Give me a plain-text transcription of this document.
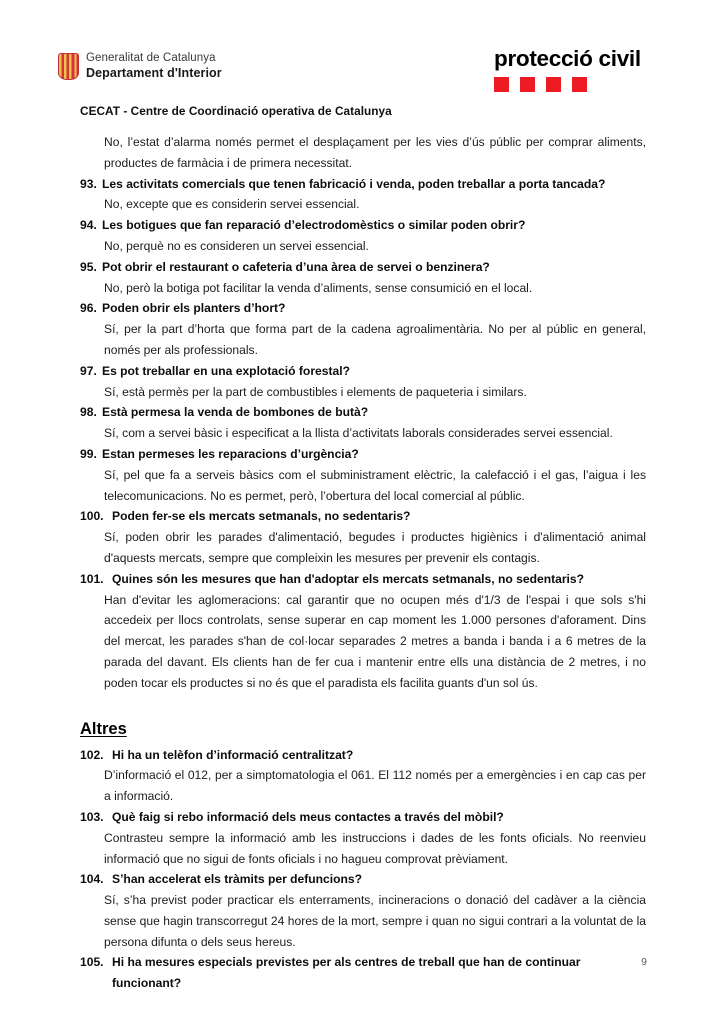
Generalitat de Catalunya
Departament d'Interior
protecció civil
CECAT - Centre de Coordinació operativa de Catalunya

No, l’estat d’alarma només permet el desplaçament per les vies d’ús públic per comprar aliments, productes de farmàcia i de primera necessitat.

93. Les activitats comercials que tenen fabricació i venda, poden treballar a porta tancada?

No, excepte que es considerin servei essencial.

94. Les botigues que fan reparació d’electrodomèstics o similar poden obrir?

No, perquè no es consideren un servei essencial.

95. Pot obrir el restaurant o cafeteria d’una àrea de servei o benzinera?

No, però la botiga pot facilitar la venda d’aliments, sense consumició en el local.

96. Poden obrir els planters d’hort?

Sí, per la part d’horta que forma part de la cadena agroalimentària. No per al públic en general, només per als professionals.

97. Es pot treballar en una explotació forestal?

Sí, està permès per la part de combustibles i elements de paqueteria i similars.

98. Està permesa la venda de bombones de butà?

Sí, com a servei bàsic i especificat a la llista d’activitats laborals considerades servei essencial.

99. Estan permeses les reparacions d’urgència?

Sí, pel que fa a serveis bàsics com el subministrament elèctric, la calefacció i el gas, l’aigua i les telecomunicacions. No es permet, però, l’obertura del local comercial al públic.

100. Poden fer-se els mercats setmanals, no sedentaris?

Sí, poden obrir les parades d'alimentació, begudes i productes higiènics i d'alimentació animal d'aquests mercats, sempre que compleixin les mesures per prevenir els contagis.

101. Quines són les mesures que han d'adoptar els mercats setmanals, no sedentaris?

Han d'evitar les aglomeracions: cal garantir que no ocupen més d'1/3 de l'espai i que sols s'hi accedeix per llocs controlats, sense superar en cap moment les 1.000 persones d'aforament. Dins del mercat, les parades s'han de col·locar separades 2 metres a banda i banda i a 6 metres de la parada del davant. Els clients han de fer cua i mantenir entre ells una distància de 2 metres, i no poden tocar els productes si no és que el paradista els facilita guants d'un sol ús.

Altres
102. Hi ha un telèfon d’informació centralitzat?

D’informació el 012, per a simptomatologia el 061. El 112 només per a emergències i en cap cas per a informació.

103. Què faig si rebo informació dels meus contactes a través del mòbil?

Contrasteu sempre la informació amb les instruccions i dades de les fonts oficials. No reenvieu informació que no sigui de fonts oficials i no hagueu comprovat prèviament.

104. S’han accelerat els tràmits per defuncions?

Sí, s’ha previst poder practicar els enterraments, incineracions o donació del cadàver a la ciència sense que hagin transcorregut 24 hores de la mort, sempre i quan no sigui contrari a la voluntat de la persona difunta o dels seus hereus.

105. Hi ha mesures especials previstes per als centres de treball que han de continuar funcionant?
9
